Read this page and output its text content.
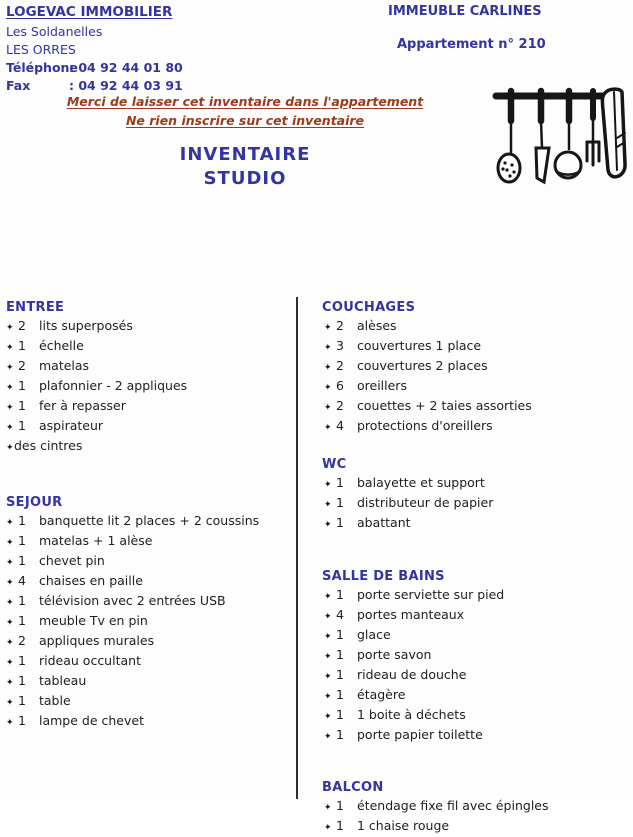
LOGEVAC IMMOBILIER
Les Soldanelles
LES ORRES
Téléphone: 04 92 44 01 80
Fax	: 04 92 44 03 91
IMMEUBLE CARLINES
Appartement n° 210
Merci de laisser cet inventaire dans l'appartement
Ne rien inscrire sur cet inventaire
INVENTAIRE
STUDIO
ENTREE
✦ 2	lits superposés
✦ 1	échelle
✦ 2	matelas
✦ 1	plafonnier - 2 appliques
✦ 1	fer à repasser
✦ 1	aspirateur
✦ des cintres
SEJOUR
✦ 1	banquette lit 2 places + 2 coussins
✦ 1	matelas + 1 alèse
✦ 1	chevet pin
✦ 4	chaises en paille
✦ 1	télévision avec 2 entrées USB
✦ 1	meuble Tv en pin
✦ 2	appliques murales
✦ 1	rideau occultant
✦ 1	tableau
✦ 1	table
✦ 1	lampe de chevet
COUCHAGES
✦ 2	alèses
✦ 3	couvertures 1 place
✦ 2	couvertures 2 places
✦ 6	oreillers
✦ 2	couettes + 2 taies assorties
✦ 4	protections d'oreillers
WC
✦ 1	balayette et support
✦ 1	distributeur de papier
✦ 1	abattant
SALLE DE BAINS
✦ 1	porte serviette sur pied
✦ 4	portes manteaux
✦ 1	glace
✦ 1	porte savon
✦ 1	rideau de douche
✦ 1	étagère
✦ 1	1 boite à déchets
✦ 1	porte papier toilette
BALCON
✦ 1	étendage fixe fil avec épingles
✦ 1	1 chaise rouge
